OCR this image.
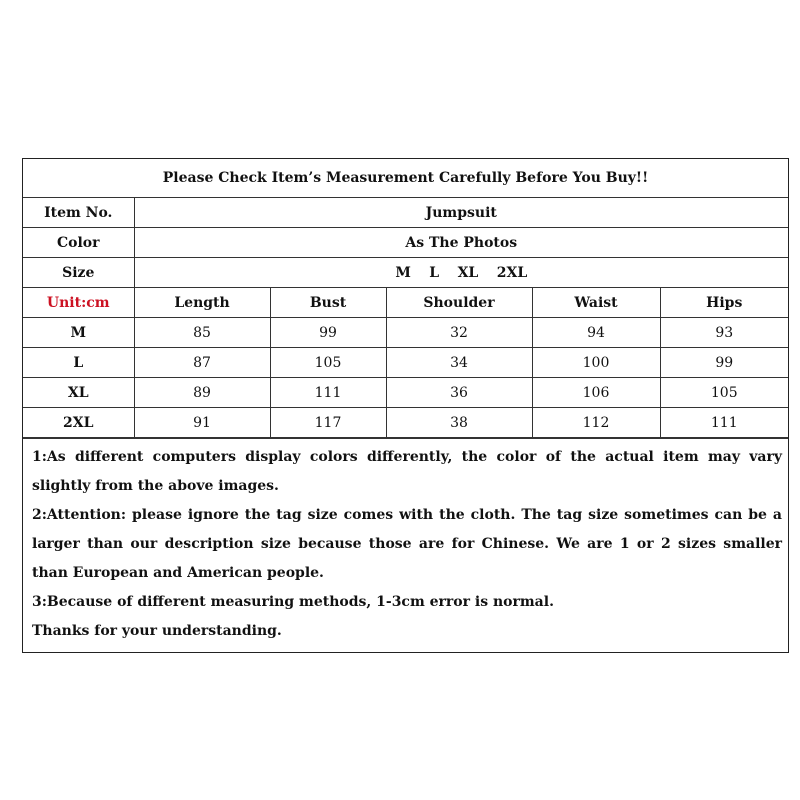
Please Check Item’s Measurement Carefully Before You Buy!!					
Item No.	Jumpsuit				
Color	As The Photos				
Size	M L XL 2XL				
Unit:cm	Length	Bust	Shoulder	Waist	Hips
M	85	99	32	94	93
L	87	105	34	100	99
XL	89	111	36	106	105
2XL	91	117	38	112	111

1:As different computers display colors differently, the color of the actual item may vary slightly from the above images.

2:Attention: please ignore the tag size comes with the cloth. The tag size sometimes can be a larger than our description size because those are for Chinese. We are 1 or 2 sizes smaller than European and American people.

3:Because of different measuring methods, 1-3cm error is normal.

Thanks for your understanding.
